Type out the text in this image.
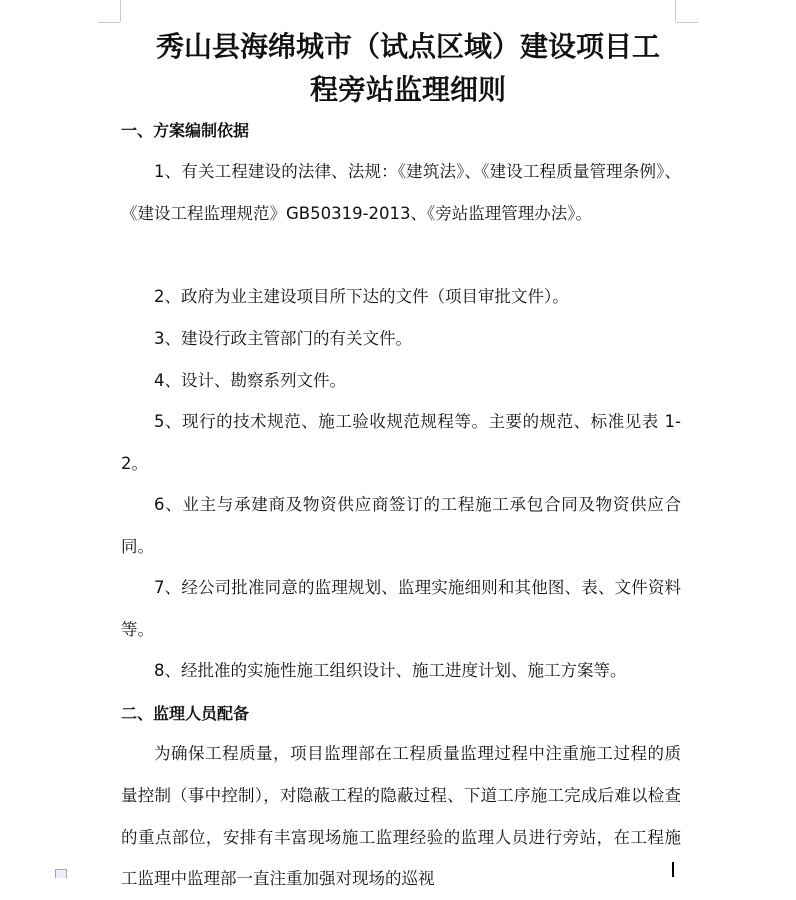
秀山县海绵城市（试点区域）建设项目工
程旁站监理细则
一、方案编制依据

1、有关工程建设的法律、法规：《建筑法》、《建设工程质量管理条例》、《建设工程监理规范》GB50319-2013、《旁站监理管理办法》。

2、政府为业主建设项目所下达的文件（项目审批文件）。

3、建设行政主管部门的有关文件。

4、设计、勘察系列文件。

5、现行的技术规范、施工验收规范规程等。主要的规范、标准见表 1-2。

6、业主与承建商及物资供应商签订的工程施工承包合同及物资供应合同。

7、经公司批准同意的监理规划、监理实施细则和其他图、表、文件资料等。

8、经批准的实施性施工组织设计、施工进度计划、施工方案等。

二、监理人员配备

为确保工程质量，项目监理部在工程质量监理过程中注重施工过程的质量控制（事中控制），对隐蔽工程的隐蔽过程、下道工序施工完成后难以检查的重点部位，安排有丰富现场施工监理经验的监理人员进行旁站，在工程施工监理中监理部一直注重加强对现场的巡视
